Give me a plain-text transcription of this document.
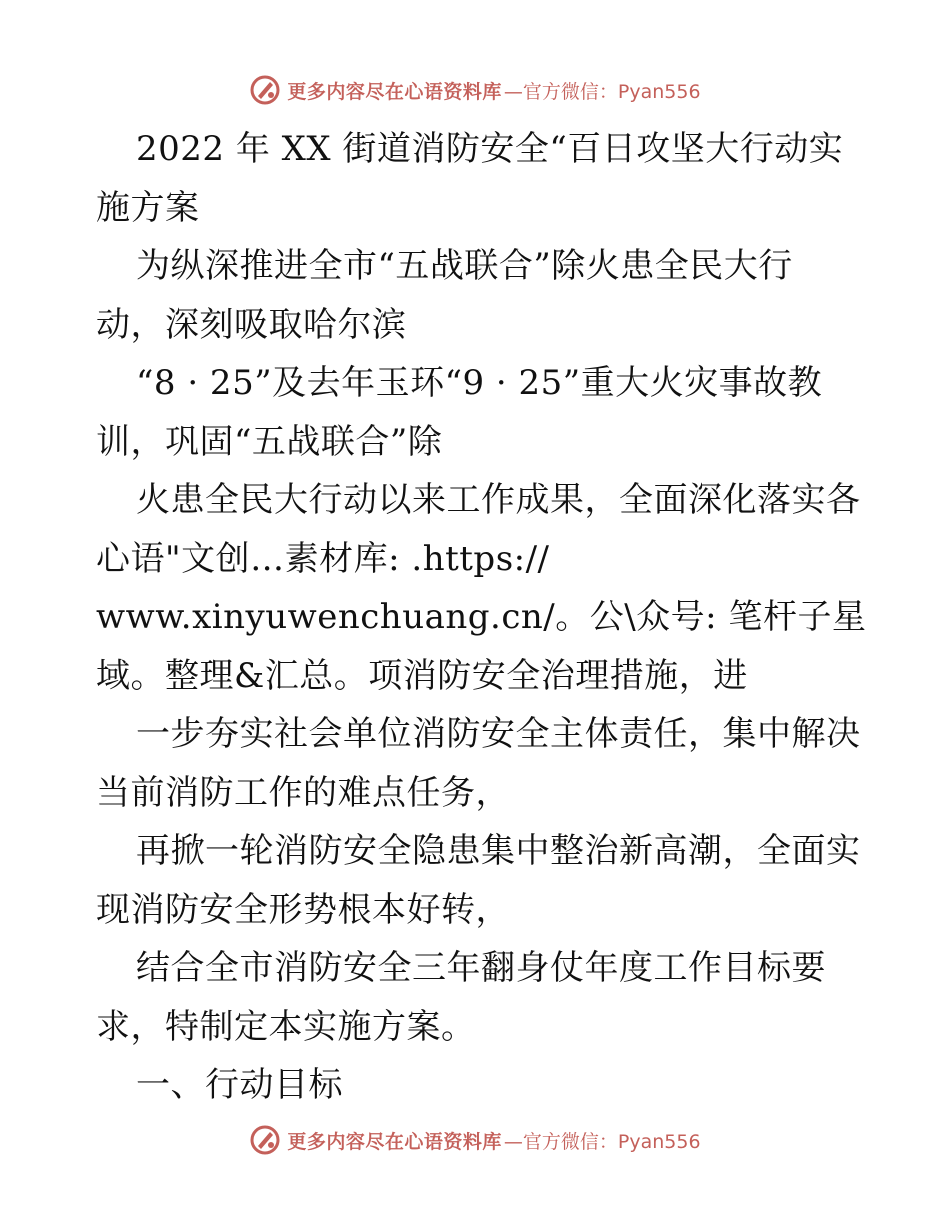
更多内容尽在心语资料库 —官方微信：Pyan556
2022 年 XX 街道消防安全“百日攻坚大行动实
施方案
为纵深推进全市“五战联合”除火患全民大行
动，深刻吸取哈尔滨
“8 · 25”及去年玉环“9 · 25”重大火灾事故教
训，巩固“五战联合”除
火患全民大行动以来工作成果，全面深化落实各
心语"文创…素材库: .https://
www.xinyuwenchuang.cn/。公\众号: 笔杆子星
域。整理&汇总。项消防安全治理措施，进
一步夯实社会单位消防安全主体责任，集中解决
当前消防工作的难点任务，
再掀一轮消防安全隐患集中整治新高潮，全面实
现消防安全形势根本好转，
结合全市消防安全三年翻身仗年度工作目标要
求，特制定本实施方案。
一、行动目标
更多内容尽在心语资料库 —官方微信：Pyan556
